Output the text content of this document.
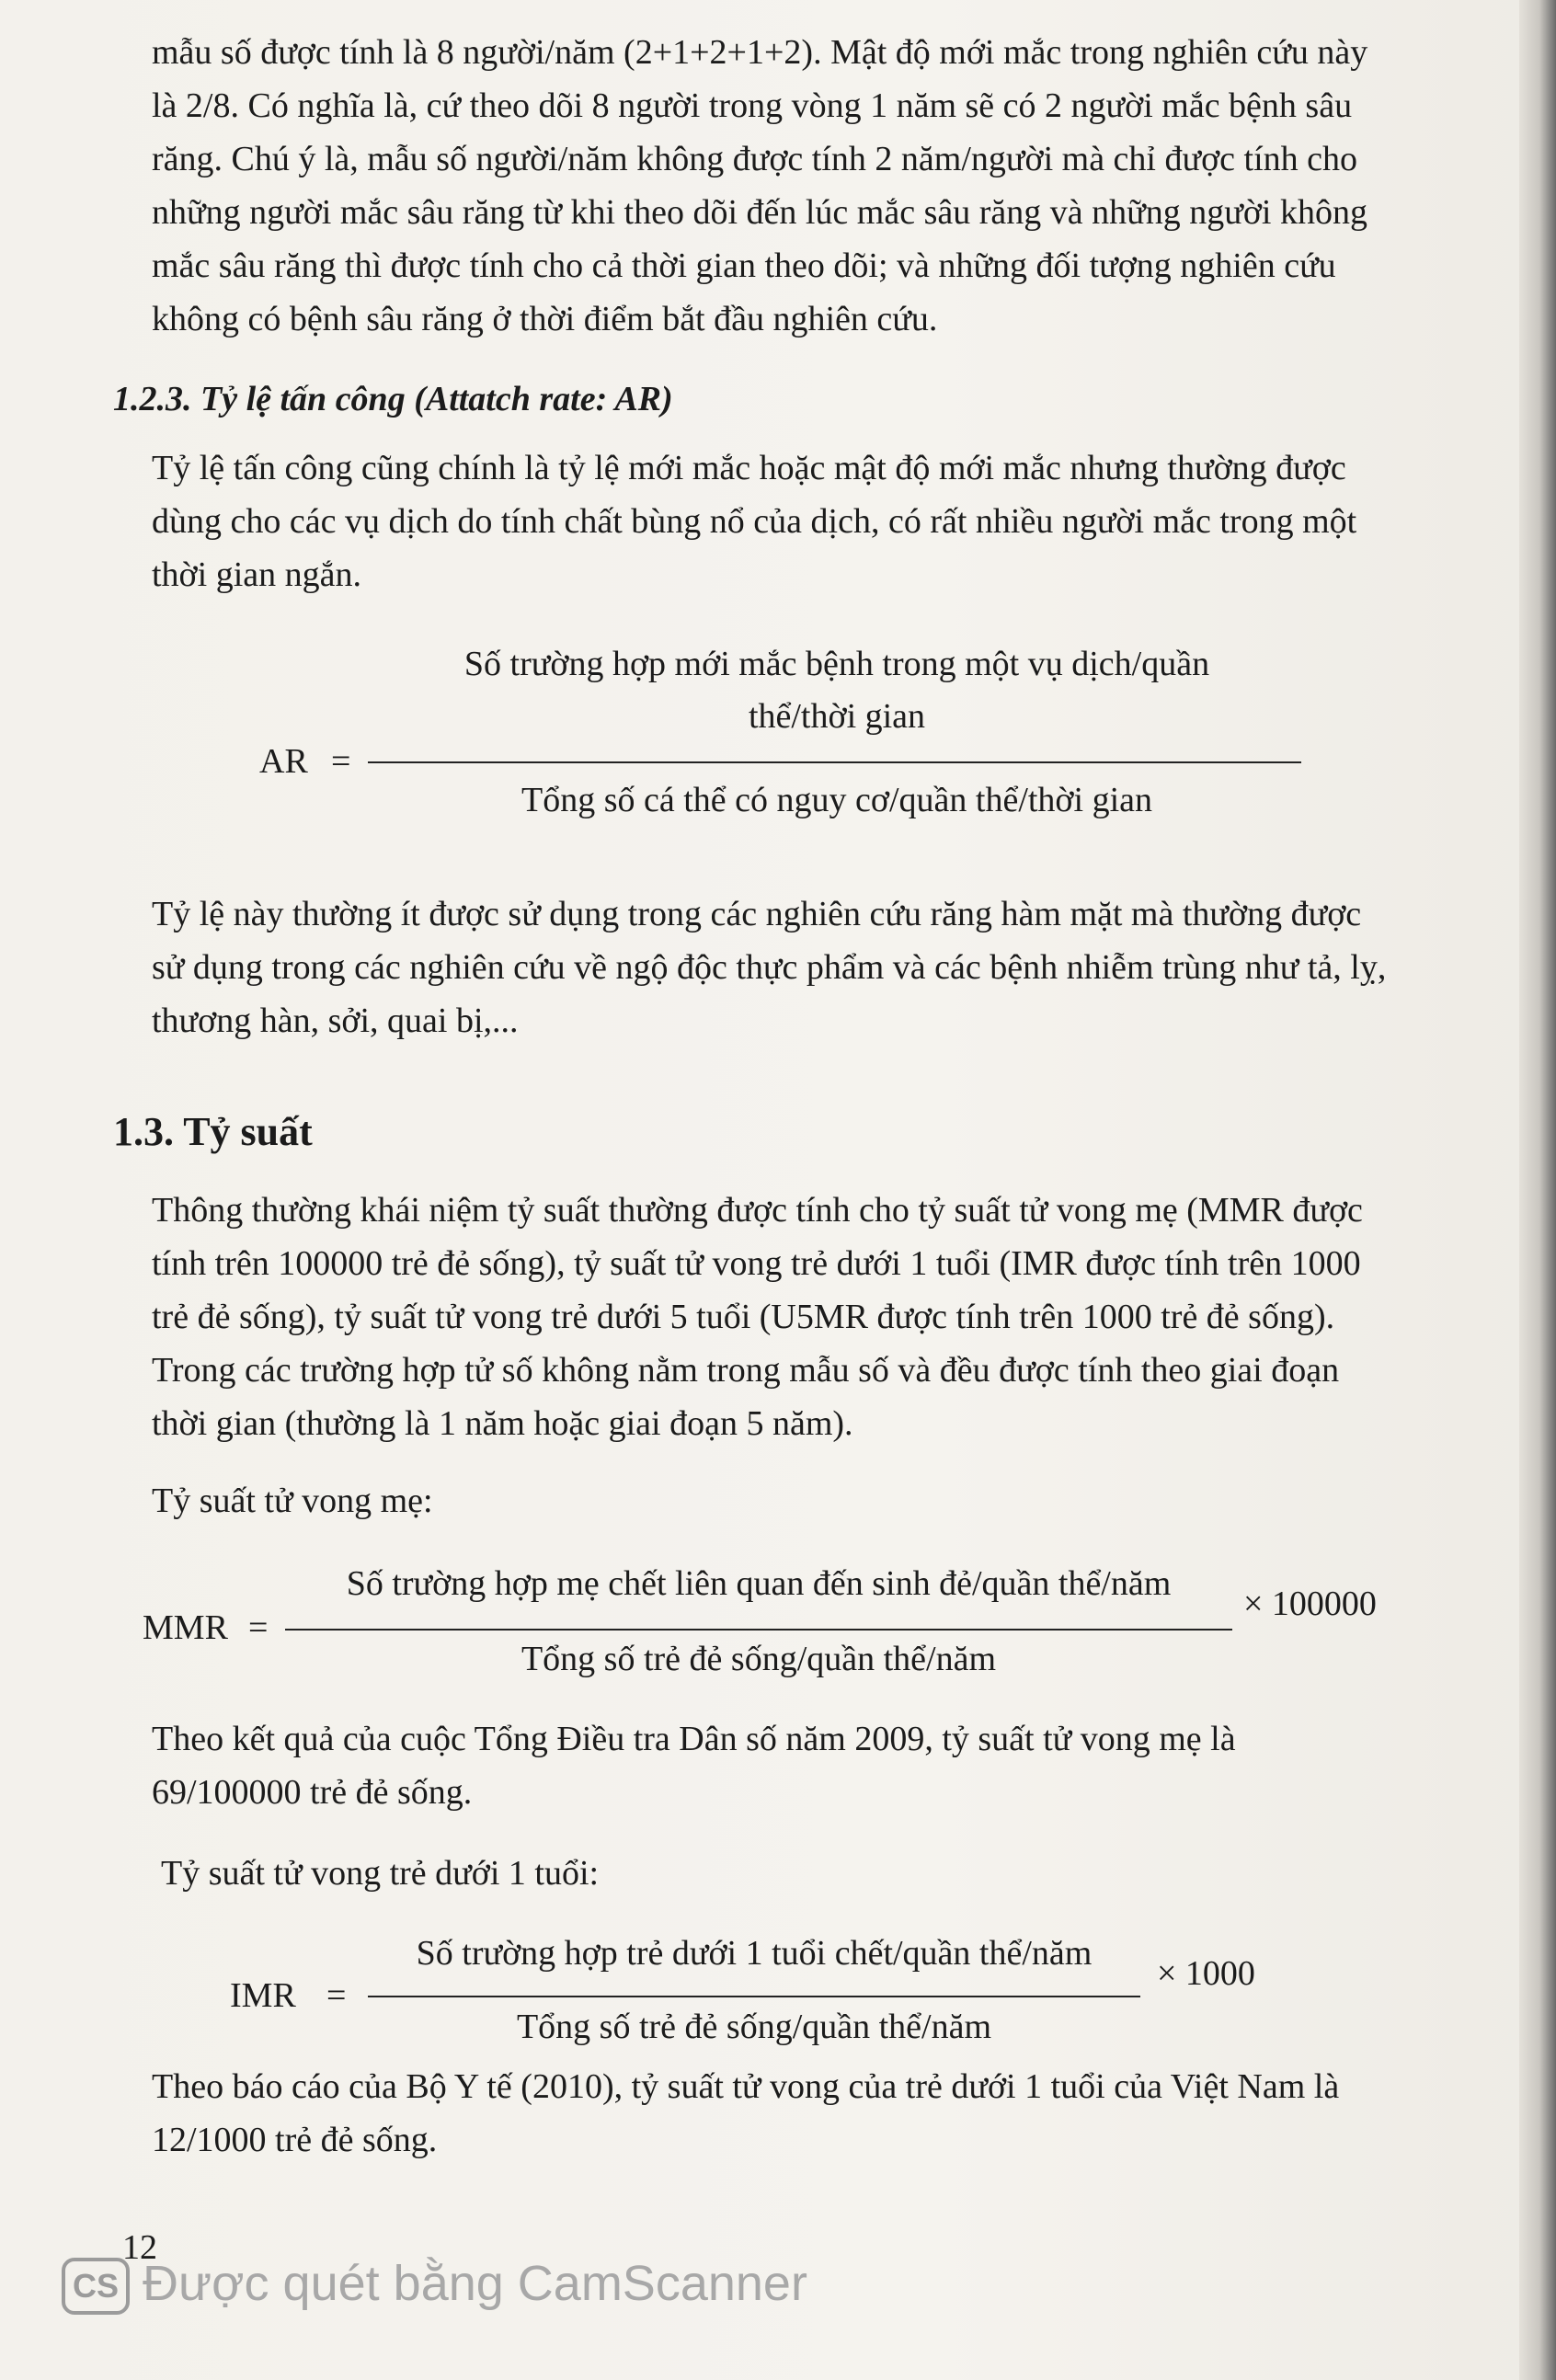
mẫu số được tính là 8 người/năm (2+1+2+1+2). Mật độ mới mắc trong nghiên cứu này
là 2/8. Có nghĩa là, cứ theo dõi 8 người trong vòng 1 năm sẽ có 2 người mắc bệnh sâu
răng. Chú ý là, mẫu số người/năm không được tính 2 năm/người mà chỉ được tính cho
những người mắc sâu răng từ khi theo dõi đến lúc mắc sâu răng và những người không
mắc sâu răng thì được tính cho cả thời gian theo dõi; và những đối tượng nghiên cứu
không có bệnh sâu răng ở thời điểm bắt đầu nghiên cứu.
1.2.3. Tỷ lệ tấn công (Attatch rate: AR)
Tỷ lệ tấn công cũng chính là tỷ lệ mới mắc hoặc mật độ mới mắc nhưng thường được
dùng cho các vụ dịch do tính chất bùng nổ của dịch, có rất nhiều người mắc trong một
thời gian ngắn.
Số trường hợp mới mắc bệnh trong một vụ dịch/quần
thể/thời gian
AR =
Tổng số cá thể có nguy cơ/quần thể/thời gian
Tỷ lệ này thường ít được sử dụng trong các nghiên cứu răng hàm mặt mà thường được
sử dụng trong các nghiên cứu về ngộ độc thực phẩm và các bệnh nhiễm trùng như tả, lỵ,
thương hàn, sởi, quai bị,...
1.3. Tỷ suất
Thông thường khái niệm tỷ suất thường được tính cho tỷ suất tử vong mẹ (MMR được
tính trên 100000 trẻ đẻ sống), tỷ suất tử vong trẻ dưới 1 tuổi (IMR được tính trên 1000
trẻ đẻ sống), tỷ suất tử vong trẻ dưới 5 tuổi (U5MR được tính trên 1000 trẻ đẻ sống).
Trong các trường hợp tử số không nằm trong mẫu số và đều được tính theo giai đoạn
thời gian (thường là 1 năm hoặc giai đoạn 5 năm).
Tỷ suất tử vong mẹ:
Số trường hợp mẹ chết liên quan đến sinh đẻ/quần thể/năm
MMR =
× 100000
Tổng số trẻ đẻ sống/quần thể/năm
Theo kết quả của cuộc Tổng Điều tra Dân số năm 2009, tỷ suất tử vong mẹ là
69/100000 trẻ đẻ sống.
Tỷ suất tử vong trẻ dưới 1 tuổi:
Số trường hợp trẻ dưới 1 tuổi chết/quần thể/năm
IMR =
× 1000
Tổng số trẻ đẻ sống/quần thể/năm
Theo báo cáo của Bộ Y tế (2010), tỷ suất tử vong của trẻ dưới 1 tuổi của Việt Nam là
12/1000 trẻ đẻ sống.
12
CS Được quét bằng CamScanner
